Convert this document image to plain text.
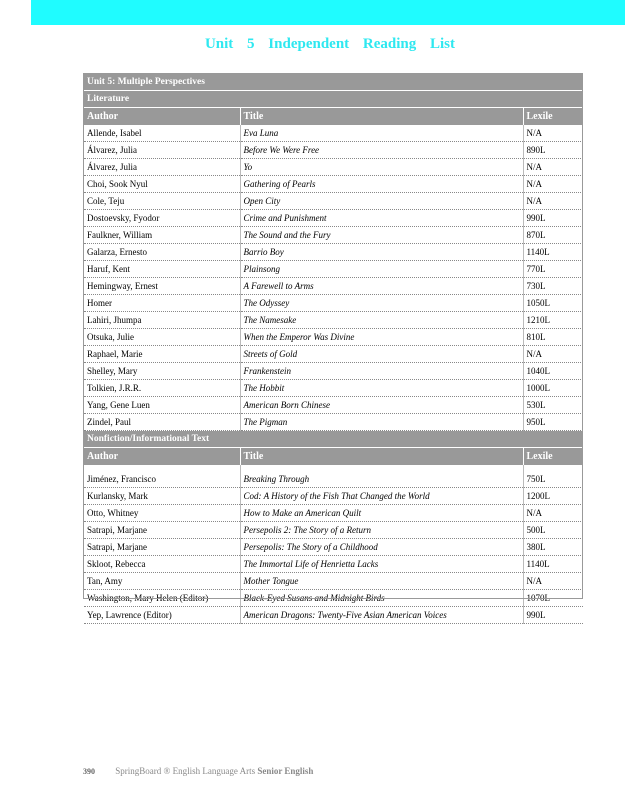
Unit 5 Independent Reading List
Unit 5: Multiple Perspectives		
Literature		
Author	Title	Lexile
Allende, Isabel	Eva Luna	N/A
Álvarez, Julia	Before We Were Free	890L
Álvarez, Julia	Yo	N/A
Choi, Sook Nyul	Gathering of Pearls	N/A
Cole, Teju	Open City	N/A
Dostoevsky, Fyodor	Crime and Punishment	990L
Faulkner, William	The Sound and the Fury	870L
Galarza, Ernesto	Barrio Boy	1140L
Haruf, Kent	Plainsong	770L
Hemingway, Ernest	A Farewell to Arms	730L
Homer	The Odyssey	1050L
Lahiri, Jhumpa	The Namesake	1210L
Otsuka, Julie	When the Emperor Was Divine	810L
Raphael, Marie	Streets of Gold	N/A
Shelley, Mary	Frankenstein	1040L
Tolkien, J.R.R.	The Hobbit	1000L
Yang, Gene Luen	American Born Chinese	530L
Zindel, Paul	The Pigman	950L
Nonfiction/Informational Text		
Author	Title	Lexile

Jiménez, Francisco	Breaking Through	750L
Kurlansky, Mark	Cod: A History of the Fish That Changed the World	1200L
Otto, Whitney	How to Make an American Quilt	N/A
Satrapi, Marjane	Persepolis 2: The Story of a Return	500L
Satrapi, Marjane	Persepolis: The Story of a Childhood	380L
Skloot, Rebecca	The Immortal Life of Henrietta Lacks	1140L
Tan, Amy	Mother Tongue	N/A
Washington, Mary Helen (Editor)	Black-Eyed Susans and Midnight Birds	1070L
Yep, Lawrence (Editor)	American Dragons: Twenty-Five Asian American Voices	990L
390 SpringBoard ® English Language Arts Senior English
